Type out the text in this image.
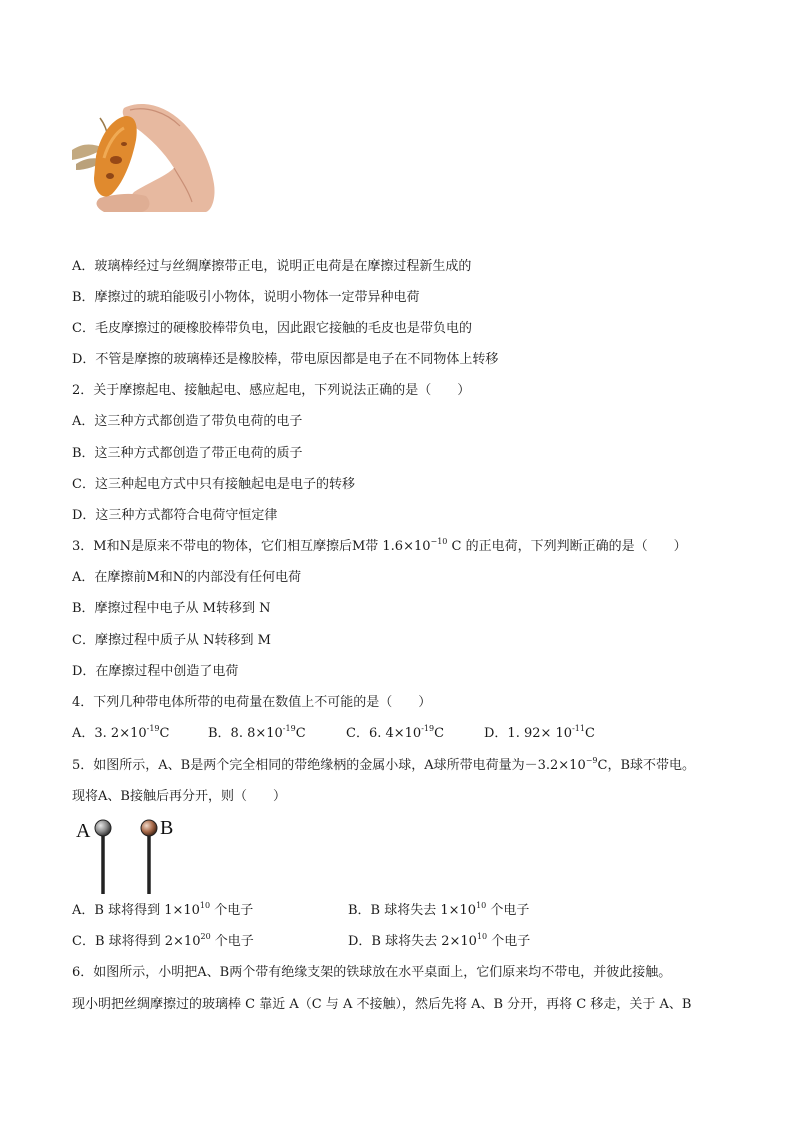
A．玻璃棒经过与丝绸摩擦带正电，说明正电荷是在摩擦过程新生成的
B．摩擦过的琥珀能吸引小物体，说明小物体一定带异种电荷
C．毛皮摩擦过的硬橡胶棒带负电，因此跟它接触的毛皮也是带负电的
D．不管是摩擦的玻璃棒还是橡胶棒，带电原因都是电子在不同物体上转移
2．关于摩擦起电、接触起电、感应起电，下列说法正确的是（　　）
A．这三种方式都创造了带负电荷的电子
B．这三种方式都创造了带正电荷的质子
C．这三种起电方式中只有接触起电是电子的转移
D．这三种方式都符合电荷守恒定律
3．M和N是原来不带电的物体，它们相互摩擦后M带 $1.6\times 10^{-10}$ C 的正电荷，下列判断正确的是（　　）
A．在摩擦前M和N的内部没有任何电荷
B．摩擦过程中电子从 M转移到 N
C．摩擦过程中质子从 N转移到 M
D．在摩擦过程中创造了电荷
4．下列几种带电体所带的电荷量在数值上不可能的是（　　）
A．3. $2\times 10^{-19}C$	B．8. $8\times 10^{-19}C$	C．6. $4\times 10^{-19}C$	D．1. $92\times 10^{-11}C$
5．如图所示，A、B是两个完全相同的带绝缘柄的金属小球，A球所带电荷量为$-3.2\times 10^{-9}C$，B球不带电。
现将A、B接触后再分开，则（　　）
A	B
A．B 球将得到 $1\times 10^{10}$ 个电子	B．B 球将失去 $1\times 10^{10}$ 个电子
C．B 球将得到 $2\times 10^{20}$ 个电子	D．B 球将失去 $2\times 10^{10}$ 个电子
6．如图所示，小明把A、B两个带有绝缘支架的铁球放在水平桌面上，它们原来均不带电，并彼此接触。
现小明把丝绸摩擦过的玻璃棒 C 靠近 A（C 与 A 不接触），然后先将 A、B 分开，再将 C 移走，关于 A、B
